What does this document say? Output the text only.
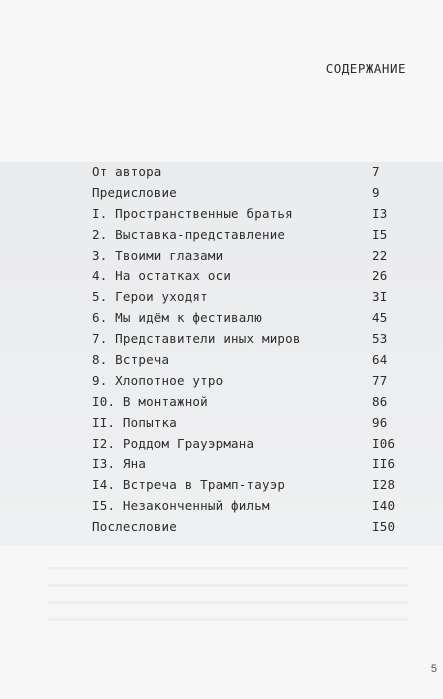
СОДЕРЖАНИЕ
От автора	7
Предисловие	9
I. Пространственные братья	I3
2. Выставка-представление	I5
3. Твоими глазами	22
4. На остатках оси	26
5. Герои уходят	3I
6. Мы идём к фестивалю	45
7. Представители иных миров	53
8. Встреча	64
9. Хлопотное утро	77
I0. В монтажной	86
II. Попытка	96
I2. Роддом Грауэрмана	I06
I3. Яна	II6
I4. Встреча в Трамп-тауэр	I28
I5. Незаконченный фильм	I40
Послесловие	I50
5
